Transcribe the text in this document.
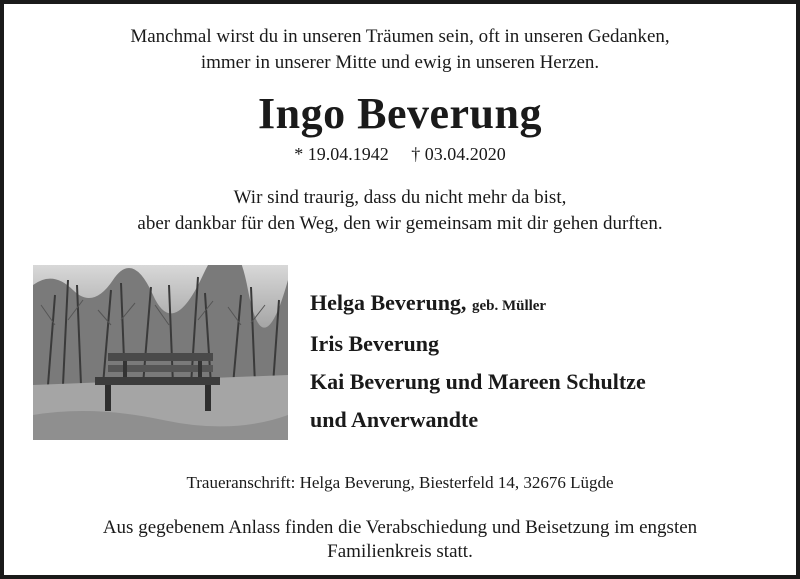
Manchmal wirst du in unseren Träumen sein, oft in unseren Gedanken,
immer in unserer Mitte und ewig in unseren Herzen.
Ingo Beverung
* 19.04.1942 † 03.04.2020
Wir sind traurig, dass du nicht mehr da bist,
aber dankbar für den Weg, den wir gemeinsam mit dir gehen durften.
Helga Beverung, geb. Müller
Iris Beverung
Kai Beverung und Mareen Schultze
und Anverwandte
Traueranschrift: Helga Beverung, Biesterfeld 14, 32676 Lügde
Aus gegebenem Anlass finden die Verabschiedung und Beisetzung im engsten
Familienkreis statt.
